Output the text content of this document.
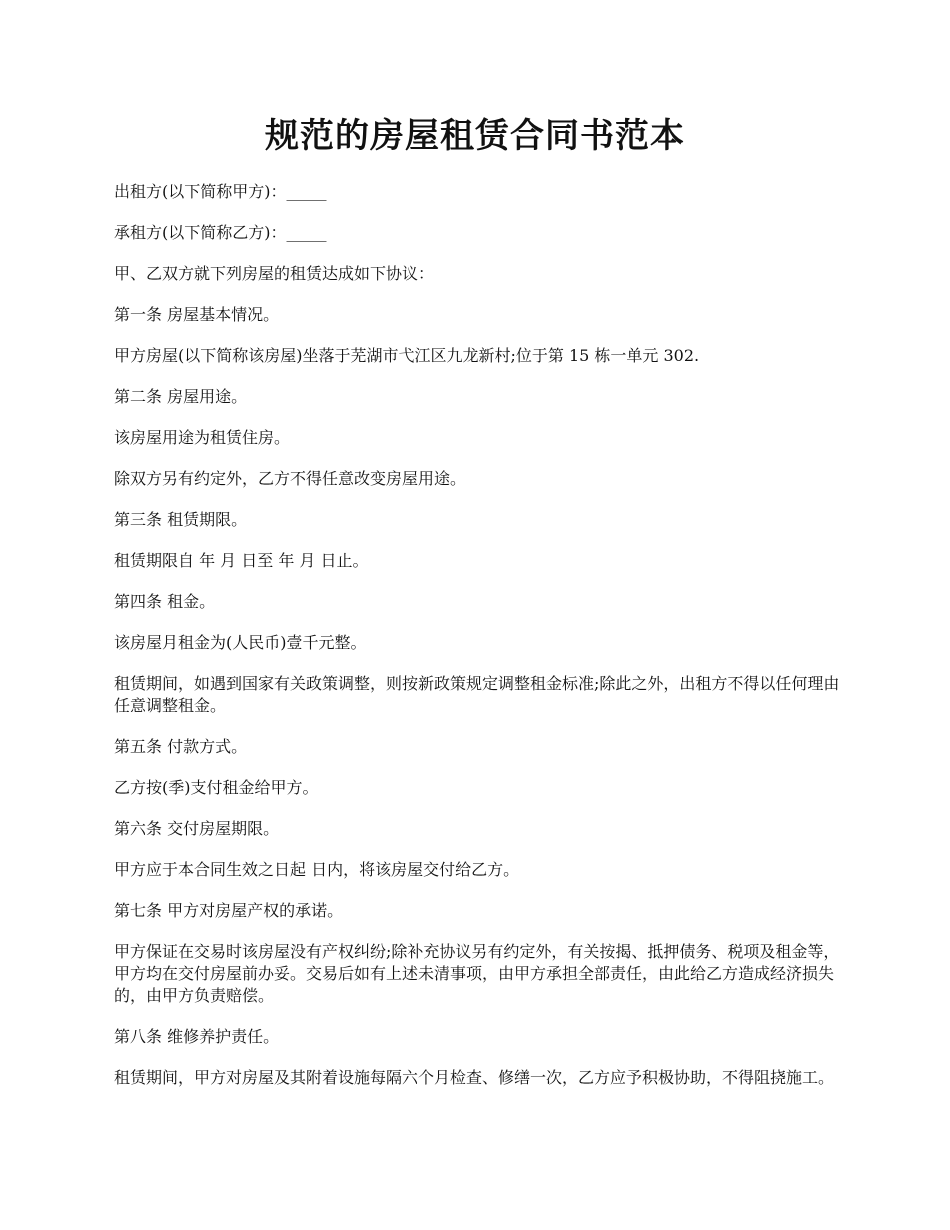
规范的房屋租赁合同书范本

出租方(以下简称甲方)：_____

承租方(以下简称乙方)：_____

甲、乙双方就下列房屋的租赁达成如下协议：

第一条 房屋基本情况。

甲方房屋(以下简称该房屋)坐落于芜湖市弋江区九龙新村;位于第 15 栋一单元 302.

第二条 房屋用途。

该房屋用途为租赁住房。

除双方另有约定外，乙方不得任意改变房屋用途。

第三条 租赁期限。

租赁期限自 年 月 日至 年 月 日止。

第四条 租金。

该房屋月租金为(人民币)壹千元整。

租赁期间，如遇到国家有关政策调整，则按新政策规定调整租金标准;除此之外，出租方不得以任何理由任意调整租金。

第五条 付款方式。

乙方按(季)支付租金给甲方。

第六条 交付房屋期限。

甲方应于本合同生效之日起 日内，将该房屋交付给乙方。

第七条 甲方对房屋产权的承诺。

甲方保证在交易时该房屋没有产权纠纷;除补充协议另有约定外，有关按揭、抵押债务、税项及租金等，甲方均在交付房屋前办妥。交易后如有上述未清事项，由甲方承担全部责任，由此给乙方造成经济损失的，由甲方负责赔偿。

第八条 维修养护责任。

租赁期间，甲方对房屋及其附着设施每隔六个月检查、修缮一次，乙方应予积极协助，不得阻挠施工。
